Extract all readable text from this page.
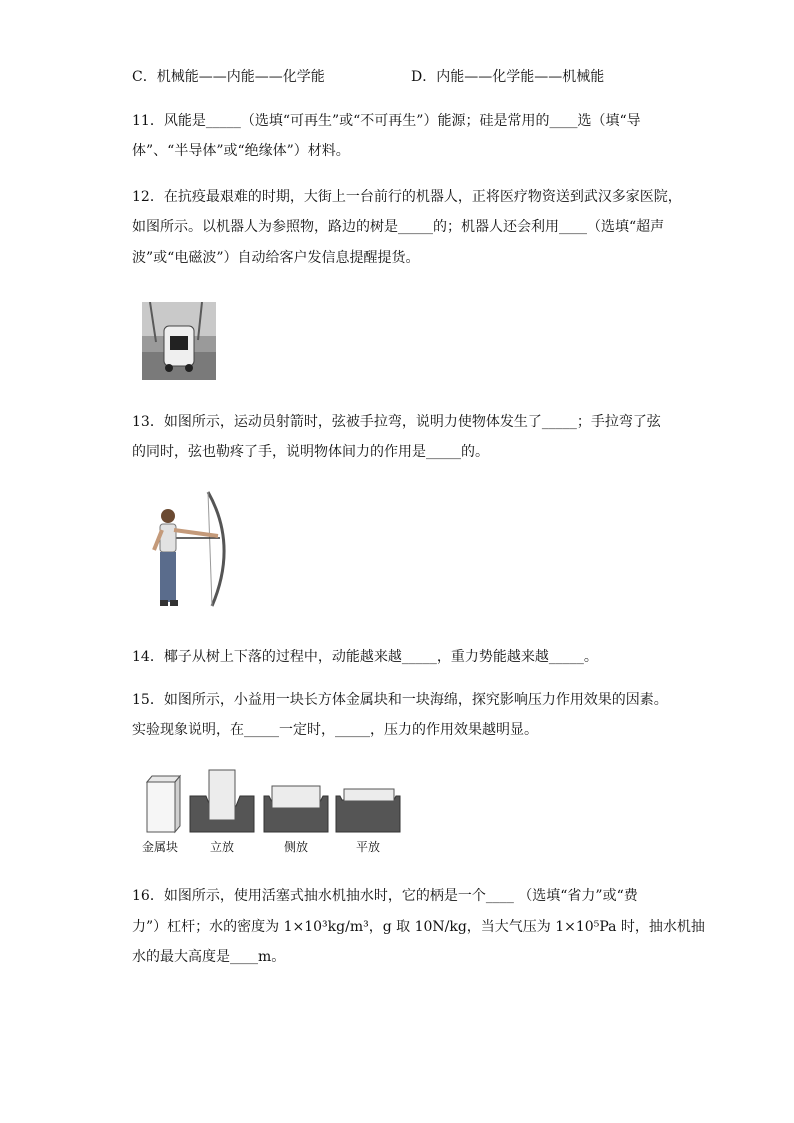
C．机械能——内能——化学能	D．内能——化学能——机械能
11．风能是_____（选填“可再生”或“不可再生”）能源；硅是常用的____选（填“导
体”、“半导体”或“绝缘体”）材料。
12．在抗疫最艰难的时期，大街上一台前行的机器人，正将医疗物资送到武汉多家医院，
如图所示。以机器人为参照物，路边的树是_____的；机器人还会利用____（选填“超声
波”或“电磁波”）自动给客户发信息提醒提货。
13．如图所示，运动员射箭时，弦被手拉弯，说明力使物体发生了_____；手拉弯了弦
的同时，弦也勒疼了手，说明物体间力的作用是_____的。
14．椰子从树上下落的过程中，动能越来越_____，重力势能越来越_____。
15．如图所示，小益用一块长方体金属块和一块海绵，探究影响压力作用效果的因素。
实验现象说明，在_____一定时，_____，压力的作用效果越明显。
金属块	立放	侧放	平放
16．如图所示，使用活塞式抽水机抽水时，它的柄是一个____ （选填“省力”或“费
力”）杠杆；水的密度为 1×10³kg/m³，g 取 10N/kg，当大气压为 1×10⁵Pa 时，抽水机抽
水的最大高度是____m。
